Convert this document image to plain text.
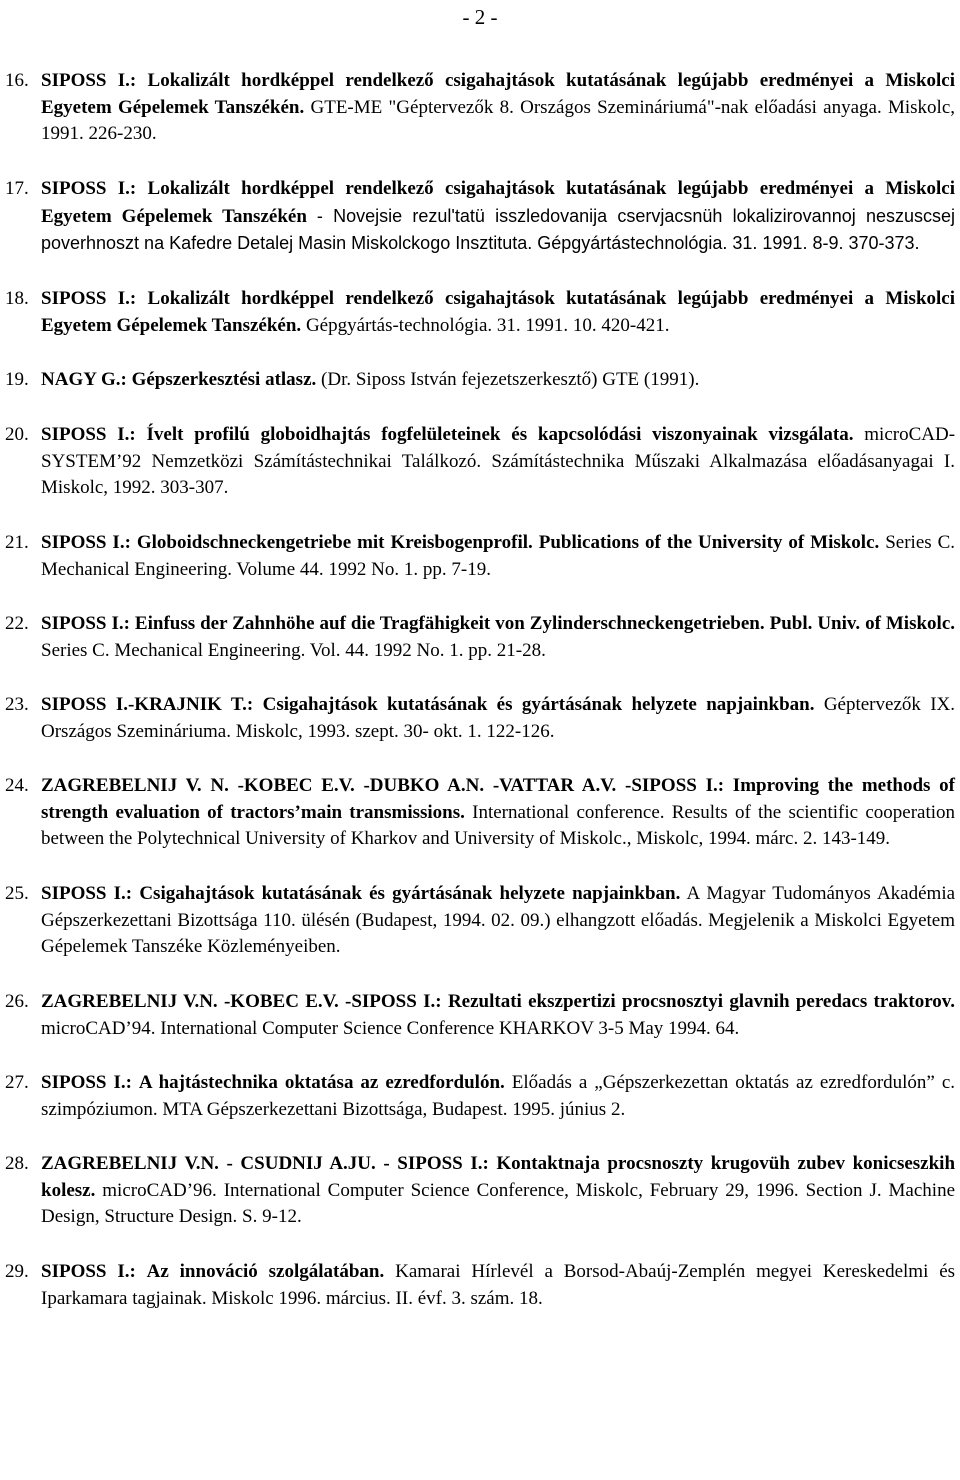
- 2 -
16. SIPOSS I.: Lokalizált hordképpel rendelkező csigahajtások kutatásának legújabb eredményei a Miskolci Egyetem Gépelemek Tanszékén. GTE-ME "Géptervezők 8. Országos Szemináriumá"-nak előadási anyaga. Miskolc, 1991. 226-230.
17. SIPOSS I.: Lokalizált hordképpel rendelkező csigahajtások kutatásának legújabb eredményei a Miskolci Egyetem Gépelemek Tanszékén - Novejsie rezul'tatü isszledovanija cservjacsnüh lokalizirovannoj neszuscsej poverhnoszt na Kafedre Detalej Masin Miskolckogo Insztituta. Gépgyártástechnológia. 31. 1991. 8-9. 370-373.
18. SIPOSS I.: Lokalizált hordképpel rendelkező csigahajtások kutatásának legújabb eredményei a Miskolci Egyetem Gépelemek Tanszékén. Gépgyártás-technológia. 31. 1991. 10. 420-421.
19. NAGY G.: Gépszerkesztési atlasz. (Dr. Siposs István fejezetszerkesztő) GTE (1991).
20. SIPOSS I.: Ívelt profilú globoidhajtás fogfelületeinek és kapcsolódási viszonyainak vizsgálata. microCAD-SYSTEM’92 Nemzetközi Számítástechnikai Találkozó. Számítástechnika Műszaki Alkalmazása előadásanyagai I. Miskolc, 1992. 303-307.
21. SIPOSS I.: Globoidschneckengetriebe mit Kreisbogenprofil. Publications of the University of Miskolc. Series C. Mechanical Engineering. Volume 44. 1992 No. 1. pp. 7-19.
22. SIPOSS I.: Einfuss der Zahnhöhe auf die Tragfähigkeit von Zylinderschneckengetrieben. Publ. Univ. of Miskolc. Series C. Mechanical Engineering. Vol. 44. 1992 No. 1. pp. 21-28.
23. SIPOSS I.-KRAJNIK T.: Csigahajtások kutatásának és gyártásának helyzete napjainkban. Géptervezők IX. Országos Szemináriuma. Miskolc, 1993. szept. 30- okt. 1. 122-126.
24. ZAGREBELNIJ V. N. -KOBEC E.V. -DUBKO A.N. -VATTAR A.V. -SIPOSS I.: Improving the methods of strength evaluation of tractors’main transmissions. International conference. Results of the scientific cooperation between the Polytechnical University of Kharkov and University of Miskolc., Miskolc, 1994. márc. 2. 143-149.
25. SIPOSS I.: Csigahajtások kutatásának és gyártásának helyzete napjainkban. A Magyar Tudományos Akadémia Gépszerkezettani Bizottsága 110. ülésén (Budapest, 1994. 02. 09.) elhangzott előadás. Megjelenik a Miskolci Egyetem Gépelemek Tanszéke Közleményeiben.
26. ZAGREBELNIJ V.N. -KOBEC E.V. -SIPOSS I.: Rezultati ekszpertizi procsnosztyi glavnih peredacs traktorov. microCAD’94. International Computer Science Conference KHARKOV 3-5 May 1994. 64.
27. SIPOSS I.: A hajtástechnika oktatása az ezredfordulón. Előadás a „Gépszerkezettan oktatás az ezredfordulón” c. szimpóziumon. MTA Gépszerkezettani Bizottsága, Budapest. 1995. június 2.
28. ZAGREBELNIJ V.N. - CSUDNIJ A.JU. - SIPOSS I.: Kontaktnaja procsnoszty krugovüh zubev konicseszkih kolesz. microCAD’96. International Computer Science Conference, Miskolc, February 29, 1996. Section J. Machine Design, Structure Design. S. 9-12.
29. SIPOSS I.: Az innováció szolgálatában. Kamarai Hírlevél a Borsod-Abaúj-Zemplén megyei Kereskedelmi és Iparkamara tagjainak. Miskolc 1996. március. II. évf. 3. szám. 18.
